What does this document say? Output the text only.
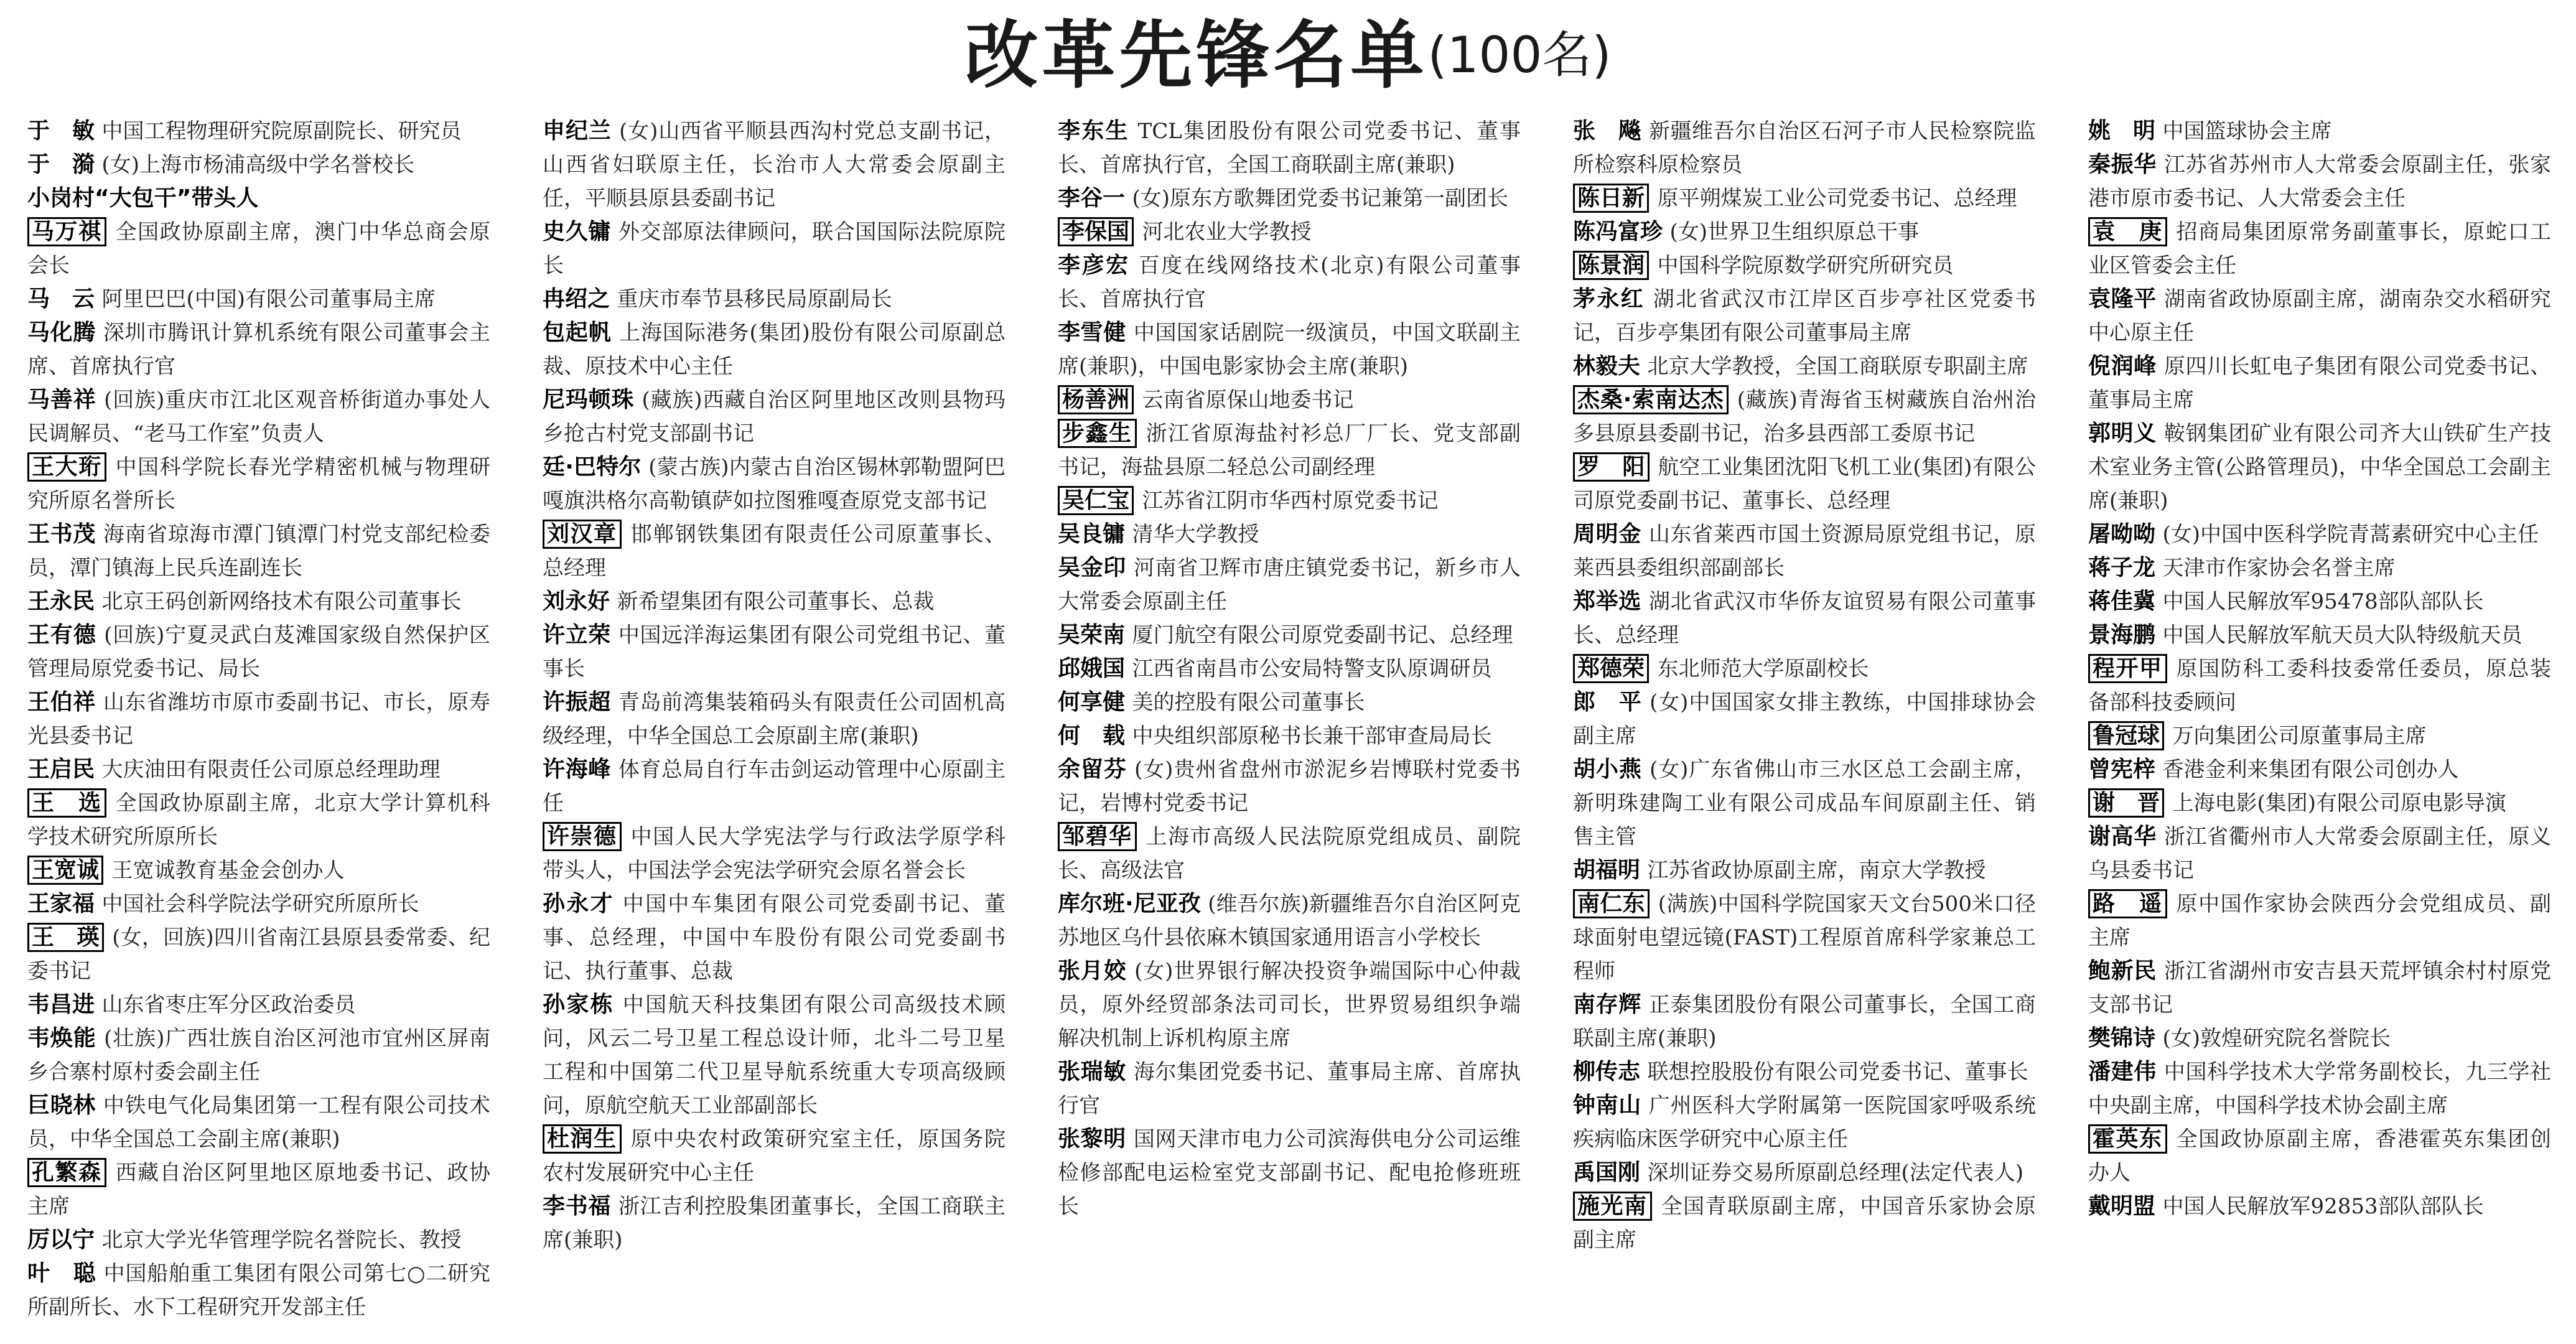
改革先锋名单(100名)

于　敏 中国工程物理研究院原副院长、研究员

于　漪 (女)上海市杨浦高级中学名誉校长

小岗村“大包干”带头人

马万祺 全国政协原副主席，澳门中华总商会原会长

马　云 阿里巴巴(中国)有限公司董事局主席

马化腾 深圳市腾讯计算机系统有限公司董事会主席、首席执行官

马善祥 (回族)重庆市江北区观音桥街道办事处人民调解员、“老马工作室”负责人

王大珩 中国科学院长春光学精密机械与物理研究所原名誉所长

王书茂 海南省琼海市潭门镇潭门村党支部纪检委员，潭门镇海上民兵连副连长

王永民 北京王码创新网络技术有限公司董事长

王有德 (回族)宁夏灵武白芨滩国家级自然保护区管理局原党委书记、局长

王伯祥 山东省潍坊市原市委副书记、市长，原寿光县委书记

王启民 大庆油田有限责任公司原总经理助理

王　选 全国政协原副主席，北京大学计算机科学技术研究所原所长

王宽诚 王宽诚教育基金会创办人

王家福 中国社会科学院法学研究所原所长

王　瑛 (女，回族)四川省南江县原县委常委、纪委书记

韦昌进 山东省枣庄军分区政治委员

韦焕能 (壮族)广西壮族自治区河池市宜州区屏南乡合寨村原村委会副主任

巨晓林 中铁电气化局集团第一工程有限公司技术员，中华全国总工会副主席(兼职)

孔繁森 西藏自治区阿里地区原地委书记、政协主席

厉以宁 北京大学光华管理学院名誉院长、教授

叶　聪 中国船舶重工集团有限公司第七○二研究所副所长、水下工程研究开发部主任

申纪兰 (女)山西省平顺县西沟村党总支副书记，山西省妇联原主任，长治市人大常委会原副主任，平顺县原县委副书记

史久镛 外交部原法律顾问，联合国国际法院原院长

冉绍之 重庆市奉节县移民局原副局长

包起帆 上海国际港务(集团)股份有限公司原副总裁、原技术中心主任

尼玛顿珠 (藏族)西藏自治区阿里地区改则县物玛乡抢古村党支部副书记

廷·巴特尔 (蒙古族)内蒙古自治区锡林郭勒盟阿巴嘎旗洪格尔高勒镇萨如拉图雅嘎查原党支部书记

刘汉章 邯郸钢铁集团有限责任公司原董事长、总经理

刘永好 新希望集团有限公司董事长、总裁

许立荣 中国远洋海运集团有限公司党组书记、董事长

许振超 青岛前湾集装箱码头有限责任公司固机高级经理，中华全国总工会原副主席(兼职)

许海峰 体育总局自行车击剑运动管理中心原副主任

许崇德 中国人民大学宪法学与行政法学原学科带头人，中国法学会宪法学研究会原名誉会长

孙永才 中国中车集团有限公司党委副书记、董事、总经理，中国中车股份有限公司党委副书记、执行董事、总裁

孙家栋 中国航天科技集团有限公司高级技术顾问，风云二号卫星工程总设计师，北斗二号卫星工程和中国第二代卫星导航系统重大专项高级顾问，原航空航天工业部副部长

杜润生 原中央农村政策研究室主任，原国务院农村发展研究中心主任

李书福 浙江吉利控股集团董事长，全国工商联主席(兼职)

李东生 TCL集团股份有限公司党委书记、董事长、首席执行官，全国工商联副主席(兼职)

李谷一 (女)原东方歌舞团党委书记兼第一副团长

李保国 河北农业大学教授

李彦宏 百度在线网络技术(北京)有限公司董事长、首席执行官

李雪健 中国国家话剧院一级演员，中国文联副主席(兼职)，中国电影家协会主席(兼职)

杨善洲 云南省原保山地委书记

步鑫生 浙江省原海盐衬衫总厂厂长、党支部副书记，海盐县原二轻总公司副经理

吴仁宝 江苏省江阴市华西村原党委书记

吴良镛 清华大学教授

吴金印 河南省卫辉市唐庄镇党委书记，新乡市人大常委会原副主任

吴荣南 厦门航空有限公司原党委副书记、总经理

邱娥国 江西省南昌市公安局特警支队原调研员

何享健 美的控股有限公司董事长

何　载 中央组织部原秘书长兼干部审查局局长

余留芬 (女)贵州省盘州市淤泥乡岩博联村党委书记，岩博村党委书记

邹碧华 上海市高级人民法院原党组成员、副院长、高级法官

库尔班·尼亚孜 (维吾尔族)新疆维吾尔自治区阿克苏地区乌什县依麻木镇国家通用语言小学校长

张月姣 (女)世界银行解决投资争端国际中心仲裁员，原外经贸部条法司司长，世界贸易组织争端解决机制上诉机构原主席

张瑞敏 海尔集团党委书记、董事局主席、首席执行官

张黎明 国网天津市电力公司滨海供电分公司运维检修部配电运检室党支部副书记、配电抢修班班长

张　飚 新疆维吾尔自治区石河子市人民检察院监所检察科原检察员

陈日新 原平朔煤炭工业公司党委书记、总经理

陈冯富珍 (女)世界卫生组织原总干事

陈景润 中国科学院原数学研究所研究员

茅永红 湖北省武汉市江岸区百步亭社区党委书记，百步亭集团有限公司董事局主席

林毅夫 北京大学教授，全国工商联原专职副主席

杰桑·索南达杰 (藏族)青海省玉树藏族自治州治多县原县委副书记，治多县西部工委原书记

罗　阳 航空工业集团沈阳飞机工业(集团)有限公司原党委副书记、董事长、总经理

周明金 山东省莱西市国土资源局原党组书记，原莱西县委组织部副部长

郑举选 湖北省武汉市华侨友谊贸易有限公司董事长、总经理

郑德荣 东北师范大学原副校长

郎　平 (女)中国国家女排主教练，中国排球协会副主席

胡小燕 (女)广东省佛山市三水区总工会副主席，新明珠建陶工业有限公司成品车间原副主任、销售主管

胡福明 江苏省政协原副主席，南京大学教授

南仁东 (满族)中国科学院国家天文台500米口径球面射电望远镜(FAST)工程原首席科学家兼总工程师

南存辉 正泰集团股份有限公司董事长，全国工商联副主席(兼职)

柳传志 联想控股股份有限公司党委书记、董事长

钟南山 广州医科大学附属第一医院国家呼吸系统疾病临床医学研究中心原主任

禹国刚 深圳证券交易所原副总经理(法定代表人)

施光南 全国青联原副主席，中国音乐家协会原副主席

姚　明 中国篮球协会主席

秦振华 江苏省苏州市人大常委会原副主任，张家港市原市委书记、人大常委会主任

袁　庚 招商局集团原常务副董事长，原蛇口工业区管委会主任

袁隆平 湖南省政协原副主席，湖南杂交水稻研究中心原主任

倪润峰 原四川长虹电子集团有限公司党委书记、董事局主席

郭明义 鞍钢集团矿业有限公司齐大山铁矿生产技术室业务主管(公路管理员)，中华全国总工会副主席(兼职)

屠呦呦 (女)中国中医科学院青蒿素研究中心主任

蒋子龙 天津市作家协会名誉主席

蒋佳冀 中国人民解放军95478部队部队长

景海鹏 中国人民解放军航天员大队特级航天员

程开甲 原国防科工委科技委常任委员，原总装备部科技委顾问

鲁冠球 万向集团公司原董事局主席

曾宪梓 香港金利来集团有限公司创办人

谢　晋 上海电影(集团)有限公司原电影导演

谢高华 浙江省衢州市人大常委会原副主任，原义乌县委书记

路　遥 原中国作家协会陕西分会党组成员、副主席

鲍新民 浙江省湖州市安吉县天荒坪镇余村村原党支部书记

樊锦诗 (女)敦煌研究院名誉院长

潘建伟 中国科学技术大学常务副校长，九三学社中央副主席，中国科学技术协会副主席

霍英东 全国政协原副主席，香港霍英东集团创办人

戴明盟 中国人民解放军92853部队部队长
